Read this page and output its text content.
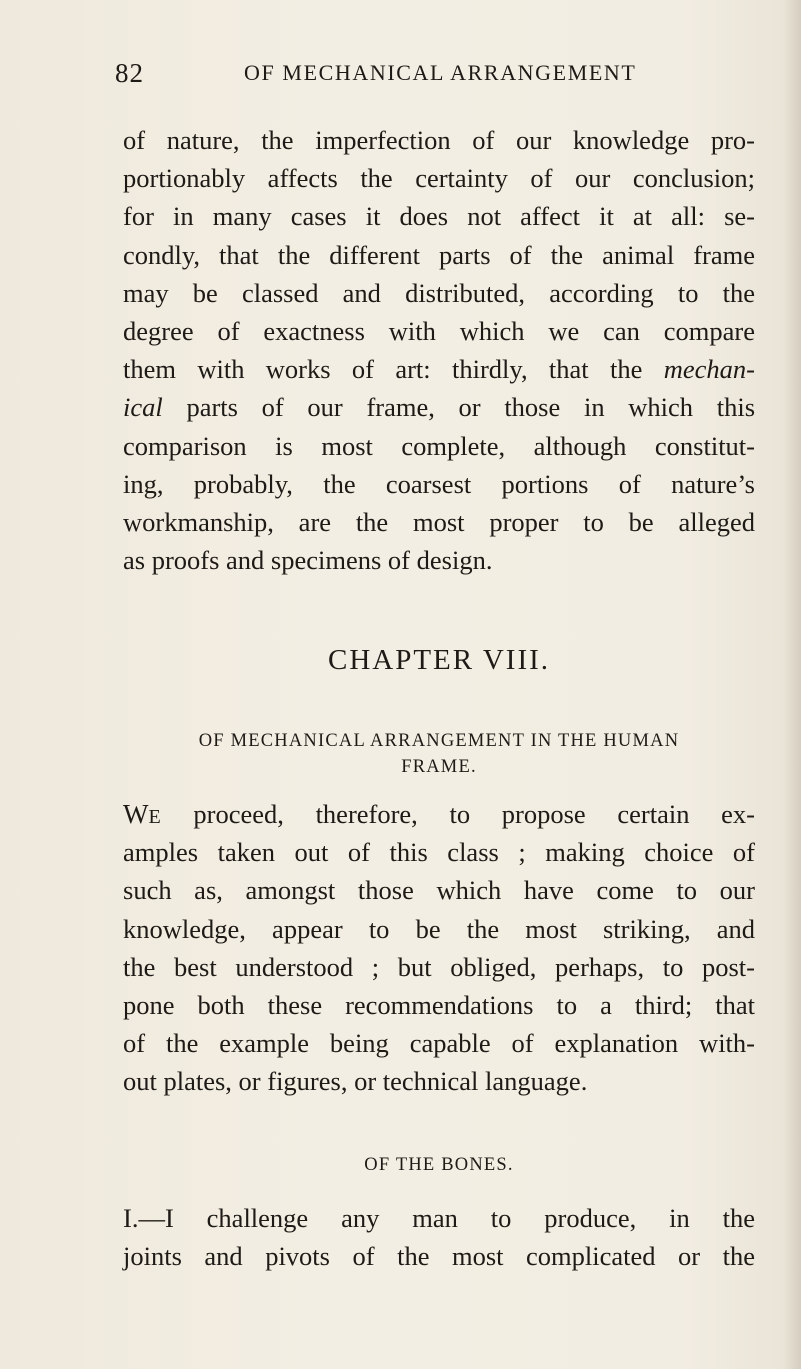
82	OF MECHANICAL ARRANGEMENT
of nature, the imperfection of our knowledge pro-
portionably affects the certainty of our conclusion;
for in many cases it does not affect it at all: se-
condly, that the different parts of the animal frame
may be classed and distributed, according to the
degree of exactness with which we can compare
them with works of art: thirdly, that the mechan-
ical parts of our frame, or those in which this
comparison is most complete, although constitut-
ing, probably, the coarsest portions of nature’s
workmanship, are the most proper to be alleged
as proofs and specimens of design.
CHAPTER VIII.
OF MECHANICAL ARRANGEMENT IN THE HUMAN
FRAME.
WE proceed, therefore, to propose certain ex-
amples taken out of this class ; making choice of
such as, amongst those which have come to our
knowledge, appear to be the most striking, and
the best understood ; but obliged, perhaps, to post-
pone both these recommendations to a third; that
of the example being capable of explanation with-
out plates, or figures, or technical language.
OF THE BONES.
I.—I challenge any man to produce, in the
joints and pivots of the most complicated or the
